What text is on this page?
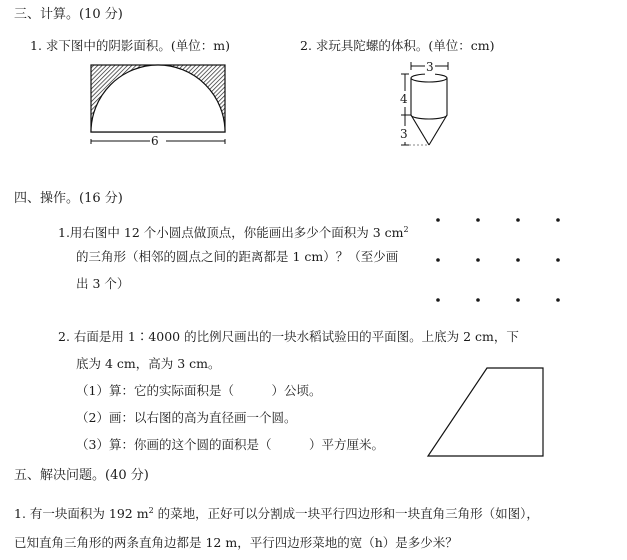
三、计算。(10 分)
1. 求下图中的阴影面积。(单位：m)	2. 求玩具陀螺的体积。(单位：cm)
6
3
4
3
四、操作。(16 分)
1.用右图中 12 个小圆点做顶点，你能画出多少个面积为 3 $cm^2$
的三角形（相邻的圆点之间的距离都是 1 cm）？（至少画
出 3 个）
2. 右面是用 1∶4000 的比例尺画出的一块水稻试验田的平面图。上底为 2 cm，下
底为 4 cm，高为 3 cm。
（1）算：它的实际面积是（　　　）公顷。
（2）画：以右图的高为直径画一个圆。
（3）算：你画的这个圆的面积是（　　　）平方厘米。
五、解决问题。(40 分)
1. 有一块面积为 192 $m^2$ 的菜地，正好可以分割成一块平行四边形和一块直角三角形（如图），
已知直角三角形的两条直角边都是 12 m，平行四边形菜地的宽（h）是多少米？
